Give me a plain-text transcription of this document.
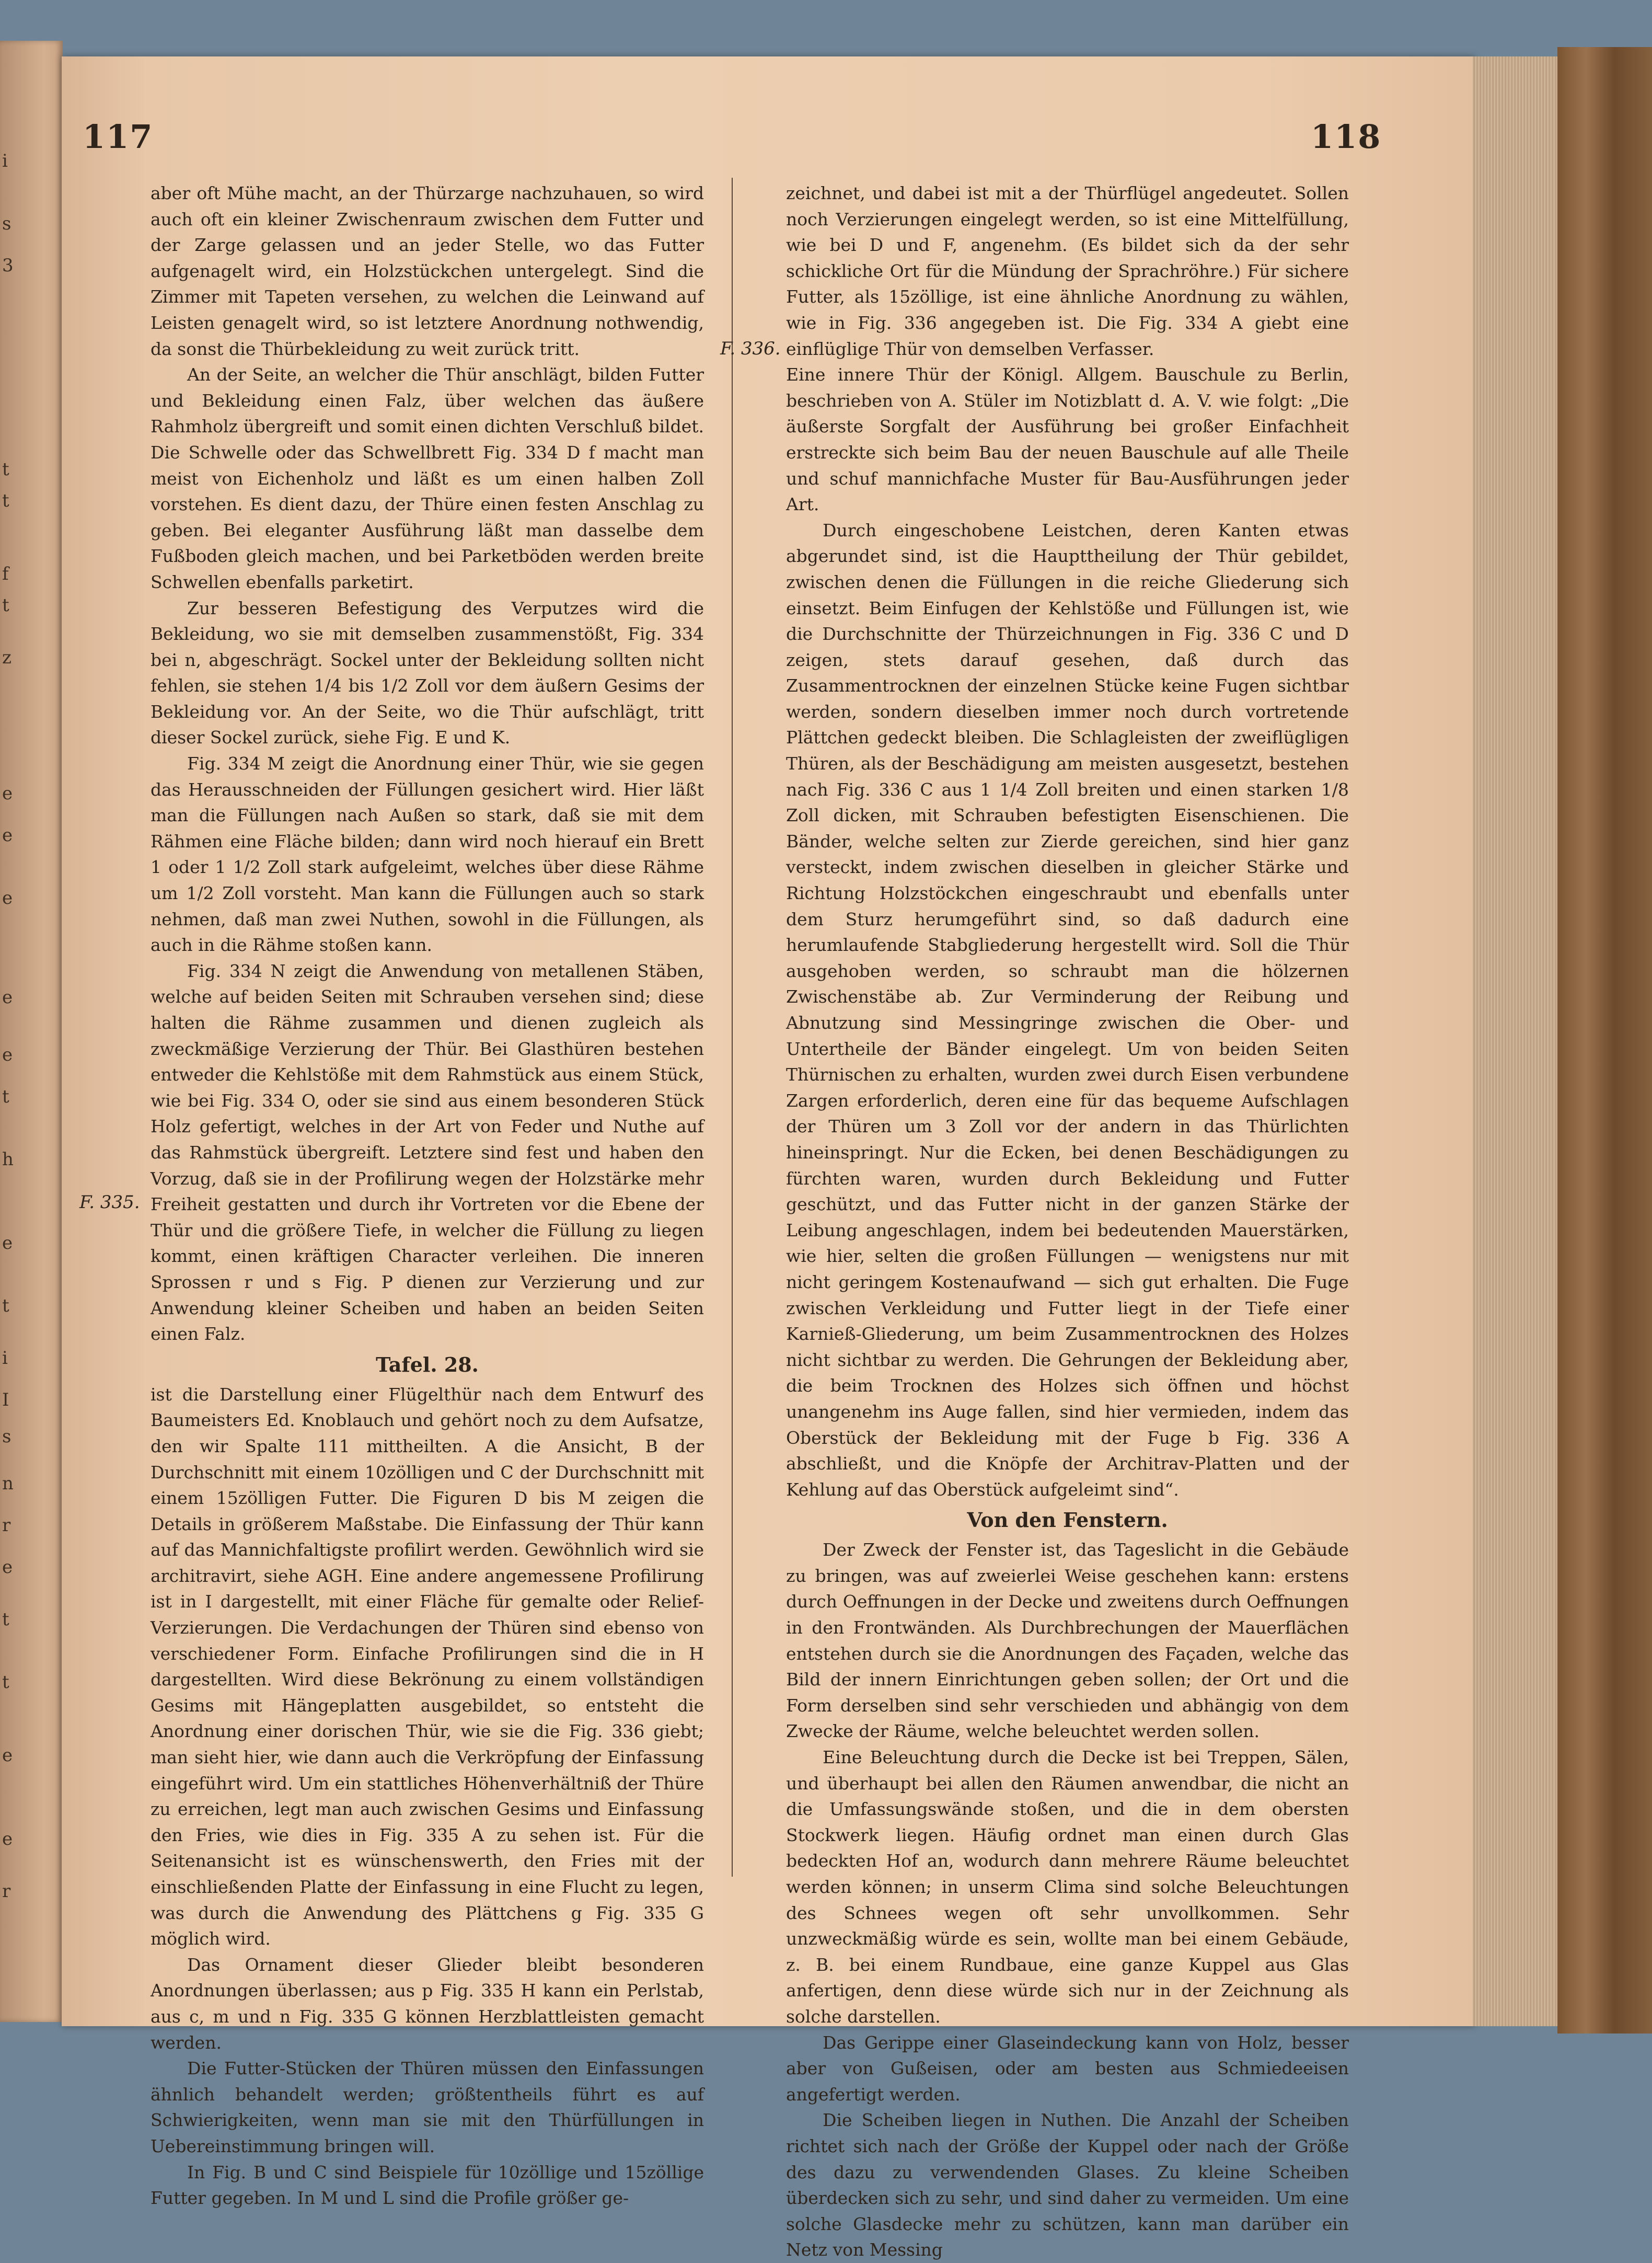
i
s
3
t
t
f
t
z
e
e
e
e
e
t
h
e
t
i
I
s
n
r
e
t
t
e
e
r
117	118
F. 335.
F. 336.

aber oft Mühe macht, an der Thürzarge nachzuhauen, so wird auch oft ein kleiner Zwischenraum zwischen dem Futter und der Zarge gelassen und an jeder Stelle, wo das Futter aufgenagelt wird, ein Holzstückchen untergelegt. Sind die Zimmer mit Tapeten versehen, zu welchen die Leinwand auf Leisten genagelt wird, so ist letztere Anordnung nothwendig, da sonst die Thürbekleidung zu weit zurück tritt.

An der Seite, an welcher die Thür anschlägt, bilden Futter und Bekleidung einen Falz, über welchen das äußere Rahmholz übergreift und somit einen dichten Verschluß bildet. Die Schwelle oder das Schwellbrett Fig. 334 D f macht man meist von Eichenholz und läßt es um einen halben Zoll vorstehen. Es dient dazu, der Thüre einen festen Anschlag zu geben. Bei eleganter Ausführung läßt man dasselbe dem Fußboden gleich machen, und bei Parketböden werden breite Schwellen ebenfalls parketirt.

Zur besseren Befestigung des Verputzes wird die Bekleidung, wo sie mit demselben zusammenstößt, Fig. 334 bei n, abgeschrägt. Sockel unter der Bekleidung sollten nicht fehlen, sie stehen 1/4 bis 1/2 Zoll vor dem äußern Gesims der Bekleidung vor. An der Seite, wo die Thür aufschlägt, tritt dieser Sockel zurück, siehe Fig. E und K.

Fig. 334 M zeigt die Anordnung einer Thür, wie sie gegen das Herausschneiden der Füllungen gesichert wird. Hier läßt man die Füllungen nach Außen so stark, daß sie mit dem Rähmen eine Fläche bilden; dann wird noch hierauf ein Brett 1 oder 1 1/2 Zoll stark aufgeleimt, welches über diese Rähme um 1/2 Zoll vorsteht. Man kann die Füllungen auch so stark nehmen, daß man zwei Nuthen, sowohl in die Füllungen, als auch in die Rähme stoßen kann.

Fig. 334 N zeigt die Anwendung von metallenen Stäben, welche auf beiden Seiten mit Schrauben versehen sind; diese halten die Rähme zusammen und dienen zugleich als zweckmäßige Verzierung der Thür. Bei Glasthüren bestehen entweder die Kehlstöße mit dem Rahmstück aus einem Stück, wie bei Fig. 334 O, oder sie sind aus einem besonderen Stück Holz gefertigt, welches in der Art von Feder und Nuthe auf das Rahmstück übergreift. Letztere sind fest und haben den Vorzug, daß sie in der Profilirung wegen der Holzstärke mehr Freiheit gestatten und durch ihr Vortreten vor die Ebene der Thür und die größere Tiefe, in welcher die Füllung zu liegen kommt, einen kräftigen Character verleihen. Die inneren Sprossen r und s Fig. P dienen zur Verzierung und zur Anwendung kleiner Scheiben und haben an beiden Seiten einen Falz.

Tafel. 28.

ist die Darstellung einer Flügelthür nach dem Entwurf des Baumeisters Ed. Knoblauch und gehört noch zu dem Aufsatze, den wir Spalte 111 mittheilten. A die Ansicht, B der Durchschnitt mit einem 10zölligen und C der Durchschnitt mit einem 15zölligen Futter. Die Figuren D bis M zeigen die Details in größerem Maßstabe. Die Einfassung der Thür kann auf das Mannichfaltigste profilirt werden. Gewöhnlich wird sie architravirt, siehe AGH. Eine andere angemessene Profilirung ist in I dargestellt, mit einer Fläche für gemalte oder Relief-Verzierungen. Die Verdachungen der Thüren sind ebenso von verschiedener Form. Einfache Profilirungen sind die in H dargestellten. Wird diese Bekrönung zu einem vollständigen Gesims mit Hängeplatten ausgebildet, so entsteht die Anordnung einer dorischen Thür, wie sie die Fig. 336 giebt; man sieht hier, wie dann auch die Verkröpfung der Einfassung eingeführt wird. Um ein stattliches Höhenverhältniß der Thüre zu erreichen, legt man auch zwischen Gesims und Einfassung den Fries, wie dies in Fig. 335 A zu sehen ist. Für die Seitenansicht ist es wünschenswerth, den Fries mit der einschließenden Platte der Einfassung in eine Flucht zu legen, was durch die Anwendung des Plättchens g Fig. 335 G möglich wird.

Das Ornament dieser Glieder bleibt besonderen Anordnungen überlassen; aus p Fig. 335 H kann ein Perlstab, aus c, m und n Fig. 335 G können Herzblattleisten gemacht werden.

Die Futter-Stücken der Thüren müssen den Einfassungen ähnlich behandelt werden; größtentheils führt es auf Schwierigkeiten, wenn man sie mit den Thürfüllungen in Uebereinstimmung bringen will.

In Fig. B und C sind Beispiele für 10zöllige und 15zöllige Futter gegeben. In M und L sind die Profile größer ge-

zeichnet, und dabei ist mit a der Thürflügel angedeutet. Sollen noch Verzierungen eingelegt werden, so ist eine Mittelfüllung, wie bei D und F, angenehm. (Es bildet sich da der sehr schickliche Ort für die Mündung der Sprachröhre.) Für sichere Futter, als 15zöllige, ist eine ähnliche Anordnung zu wählen, wie in Fig. 336 angegeben ist. Die Fig. 334 A giebt eine einflüglige Thür von demselben Verfasser.

Eine innere Thür der Königl. Allgem. Bauschule zu Berlin, beschrieben von A. Stüler im Notizblatt d. A. V. wie folgt: „Die äußerste Sorgfalt der Ausführung bei großer Einfachheit erstreckte sich beim Bau der neuen Bauschule auf alle Theile und schuf mannichfache Muster für Bau-Ausführungen jeder Art.

Durch eingeschobene Leistchen, deren Kanten etwas abgerundet sind, ist die Haupttheilung der Thür gebildet, zwischen denen die Füllungen in die reiche Gliederung sich einsetzt. Beim Einfugen der Kehlstöße und Füllungen ist, wie die Durchschnitte der Thürzeichnungen in Fig. 336 C und D zeigen, stets darauf gesehen, daß durch das Zusammentrocknen der einzelnen Stücke keine Fugen sichtbar werden, sondern dieselben immer noch durch vortretende Plättchen gedeckt bleiben. Die Schlagleisten der zweiflügligen Thüren, als der Beschädigung am meisten ausgesetzt, bestehen nach Fig. 336 C aus 1 1/4 Zoll breiten und einen starken 1/8 Zoll dicken, mit Schrauben befestigten Eisenschienen. Die Bänder, welche selten zur Zierde gereichen, sind hier ganz versteckt, indem zwischen dieselben in gleicher Stärke und Richtung Holzstöckchen eingeschraubt und ebenfalls unter dem Sturz herumgeführt sind, so daß dadurch eine herumlaufende Stabgliederung hergestellt wird. Soll die Thür ausgehoben werden, so schraubt man die hölzernen Zwischenstäbe ab. Zur Verminderung der Reibung und Abnutzung sind Messingringe zwischen die Ober- und Untertheile der Bänder eingelegt. Um von beiden Seiten Thürnischen zu erhalten, wurden zwei durch Eisen verbundene Zargen erforderlich, deren eine für das bequeme Aufschlagen der Thüren um 3 Zoll vor der andern in das Thürlichten hineinspringt. Nur die Ecken, bei denen Beschädigungen zu fürchten waren, wurden durch Bekleidung und Futter geschützt, und das Futter nicht in der ganzen Stärke der Leibung angeschlagen, indem bei bedeutenden Mauerstärken, wie hier, selten die großen Füllungen — wenigstens nur mit nicht geringem Kostenaufwand — sich gut erhalten. Die Fuge zwischen Verkleidung und Futter liegt in der Tiefe einer Karnieß-Gliederung, um beim Zusammentrocknen des Holzes nicht sichtbar zu werden. Die Gehrungen der Bekleidung aber, die beim Trocknen des Holzes sich öffnen und höchst unangenehm ins Auge fallen, sind hier vermieden, indem das Oberstück der Bekleidung mit der Fuge b Fig. 336 A abschließt, und die Knöpfe der Architrav-Platten und der Kehlung auf das Oberstück aufgeleimt sind“.

Von den Fenstern.

Der Zweck der Fenster ist, das Tageslicht in die Gebäude zu bringen, was auf zweierlei Weise geschehen kann: erstens durch Oeffnungen in der Decke und zweitens durch Oeffnungen in den Frontwänden. Als Durchbrechungen der Mauerflächen entstehen durch sie die Anordnungen des Façaden, welche das Bild der innern Einrichtungen geben sollen; der Ort und die Form derselben sind sehr verschieden und abhängig von dem Zwecke der Räume, welche beleuchtet werden sollen.

Eine Beleuchtung durch die Decke ist bei Treppen, Sälen, und überhaupt bei allen den Räumen anwendbar, die nicht an die Umfassungswände stoßen, und die in dem obersten Stockwerk liegen. Häufig ordnet man einen durch Glas bedeckten Hof an, wodurch dann mehrere Räume beleuchtet werden können; in unserm Clima sind solche Beleuchtungen des Schnees wegen oft sehr unvollkommen. Sehr unzweckmäßig würde es sein, wollte man bei einem Gebäude, z. B. bei einem Rundbaue, eine ganze Kuppel aus Glas anfertigen, denn diese würde sich nur in der Zeichnung als solche darstellen.

Das Gerippe einer Glaseindeckung kann von Holz, besser aber von Gußeisen, oder am besten aus Schmiedeeisen angefertigt werden.

Die Scheiben liegen in Nuthen. Die Anzahl der Scheiben richtet sich nach der Größe der Kuppel oder nach der Größe des dazu zu verwendenden Glases. Zu kleine Scheiben überdecken sich zu sehr, und sind daher zu vermeiden. Um eine solche Glasdecke mehr zu schützen, kann man darüber ein Netz von Messing
